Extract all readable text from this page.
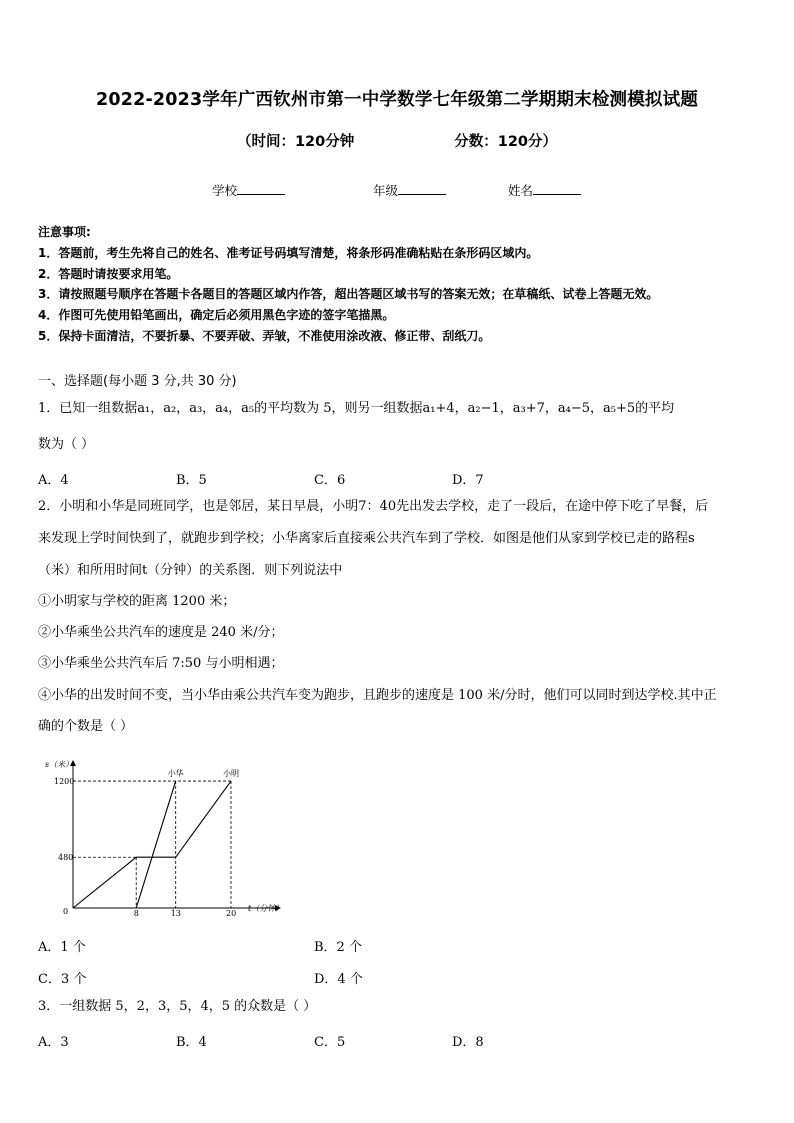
2022-2023学年广西钦州市第一中学数学七年级第二学期期末检测模拟试题
（时间：120分钟	分数：120分）
学校	年级	姓名
注意事项:
1．答题前，考生先将自己的姓名、准考证号码填写清楚，将条形码准确粘贴在条形码区域内。
2．答题时请按要求用笔。
3．请按照题号顺序在答题卡各题目的答题区域内作答，超出答题区域书写的答案无效；在草稿纸、试卷上答题无效。
4．作图可先使用铅笔画出，确定后必须用黑色字迹的签字笔描黑。
5．保持卡面清洁，不要折暴、不要弄破、弄皱，不准使用涂改液、修正带、刮纸刀。
一、选择题(每小题 3 分,共 30 分)
1．已知一组数据a₁，a₂，a₃，a₄，a₅的平均数为 5，则另一组数据a₁+4，a₂−1，a₃+7，a₄−5，a₅+5的平均
数为（ ）
A．4	B．5	C．6	D．7
2．小明和小华是同班同学，也是邻居，某日早晨，小明7：40先出发去学校，走了一段后，在途中停下吃了早餐，后
来发现上学时间快到了，就跑步到学校；小华离家后直接乘公共汽车到了学校．如图是他们从家到学校已走的路程s
（米）和所用时间t（分钟）的关系图．则下列说法中
①小明家与学校的距离 1200 米；
②小华乘坐公共汽车的速度是 240 米/分；
③小华乘坐公共汽车后 7:50 与小明相遇；
④小华的出发时间不变，当小华由乘公共汽车变为跑步，且跑步的速度是 100 米/分时，他们可以同时到达学校.其中正
确的个数是（ ）
s（米）
t（分钟）
0
小明
小华
8	13	20
480
1200
A．1 个	B．2 个
C．3 个	D．4 个
3．一组数据 5，2，3，5，4，5 的众数是（ ）
A．3	B．4	C．5	D．8
